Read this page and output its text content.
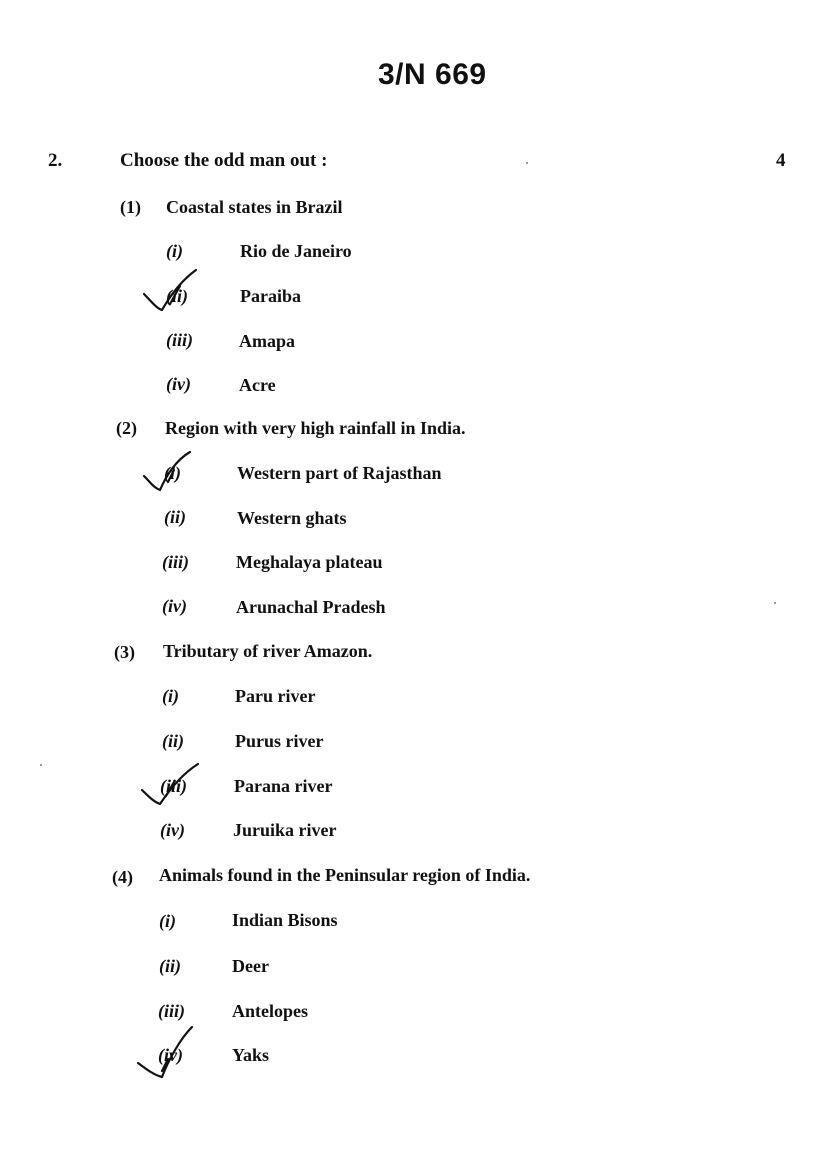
3/N 669
2.	Choose the odd man out :	4
(1) Coastal states in Brazil
(i)	Rio de Janeiro
(ii)	Paraiba
(iii)	Amapa
(iv)	Acre
(2) Region with very high rainfall in India.
(i)	Western part of Rajasthan
(ii)	Western ghats
(iii)	Meghalaya plateau
(iv)	Arunachal Pradesh
(3) Tributary of river Amazon.
(i)	Paru river
(ii)	Purus river
(iii)	Parana river
(iv)	Juruika river
(4) Animals found in the Peninsular region of India.
(i)	Indian Bisons
(ii)	Deer
(iii)	Antelopes
(iv)	Yaks
